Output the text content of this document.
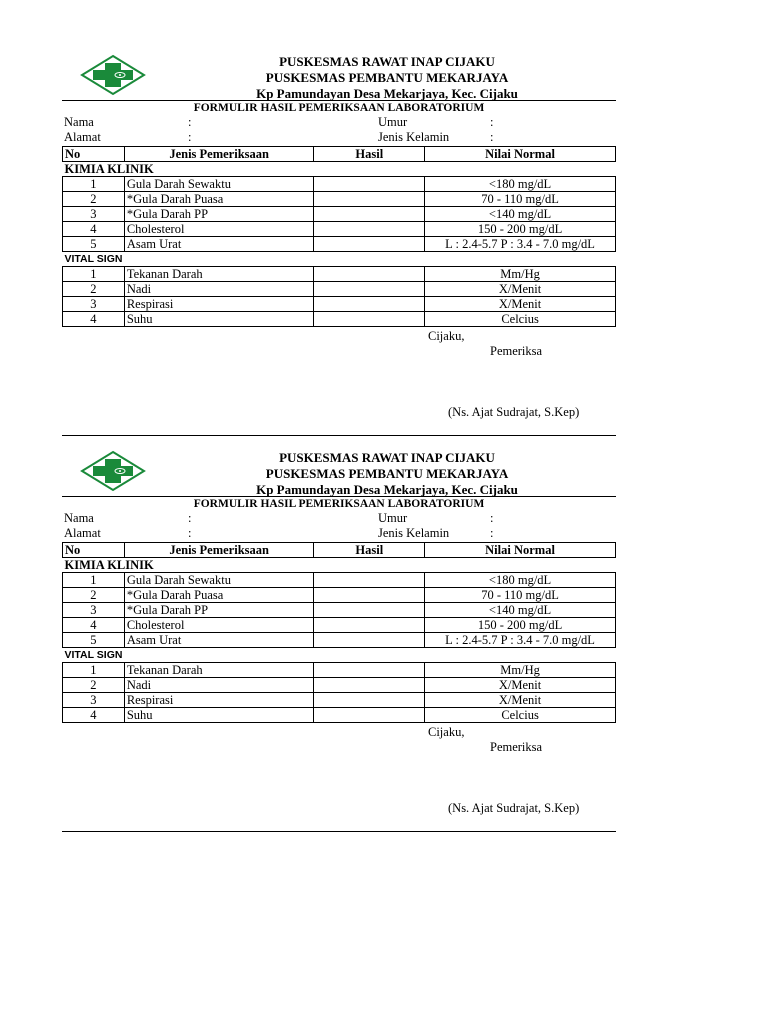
PUSKESMAS RAWAT INAP CIJAKU
PUSKESMAS PEMBANTU MEKARJAYA
Kp Pamundayan Desa Mekarjaya, Kec. Cijaku
FORMULIR HASIL PEMERIKSAAN LABORATORIUM
Nama	:	Umur	:
Alamat	:	Jenis Kelamin	:
No	Jenis Pemeriksaan	Hasil	Nilai Normal
KIMIA KLINIK			
1	Gula Darah Sewaktu		<180 mg/dL
2	*Gula Darah Puasa		70 - 110 mg/dL
3	*Gula Darah PP		<140 mg/dL
4	Cholesterol		150 - 200 mg/dL
5	Asam Urat		L : 2.4-5.7 P : 3.4 - 7.0 mg/dL
VITAL SIGN			
1	Tekanan Darah		Mm/Hg
2	Nadi		X/Menit
3	Respirasi		X/Menit
4	Suhu		Celcius
Cijaku,
Pemeriksa
(Ns. Ajat Sudrajat, S.Kep)
PUSKESMAS RAWAT INAP CIJAKU
PUSKESMAS PEMBANTU MEKARJAYA
Kp Pamundayan Desa Mekarjaya, Kec. Cijaku
FORMULIR HASIL PEMERIKSAAN LABORATORIUM
Nama	:	Umur	:
Alamat	:	Jenis Kelamin	:
No	Jenis Pemeriksaan	Hasil	Nilai Normal
KIMIA KLINIK			
1	Gula Darah Sewaktu		<180 mg/dL
2	*Gula Darah Puasa		70 - 110 mg/dL
3	*Gula Darah PP		<140 mg/dL
4	Cholesterol		150 - 200 mg/dL
5	Asam Urat		L : 2.4-5.7 P : 3.4 - 7.0 mg/dL
VITAL SIGN			
1	Tekanan Darah		Mm/Hg
2	Nadi		X/Menit
3	Respirasi		X/Menit
4	Suhu		Celcius
Cijaku,
Pemeriksa
(Ns. Ajat Sudrajat, S.Kep)
